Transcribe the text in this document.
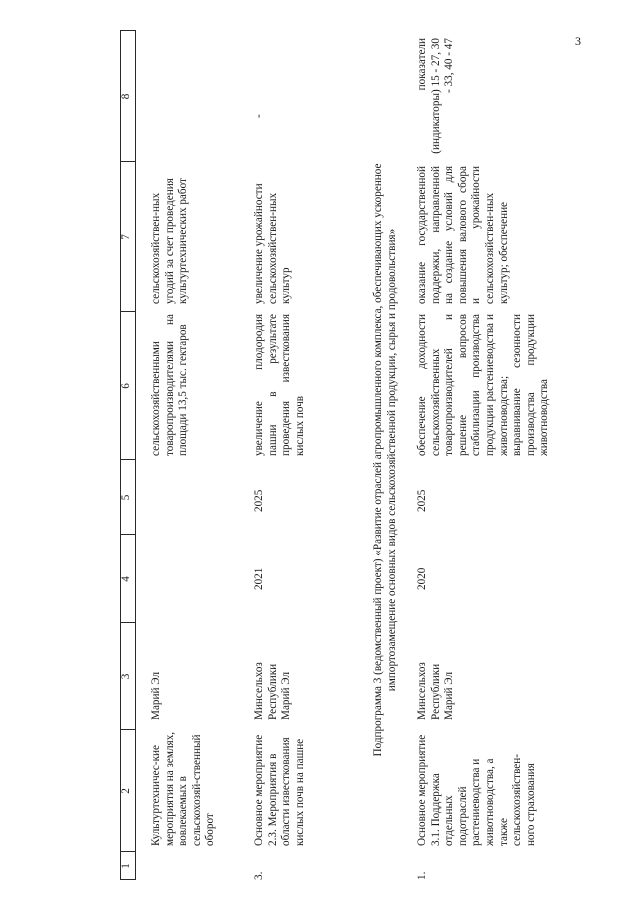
3
1
2
3
4
5
6
7
8
Культуртехничес-кие мероприятия на землях, вовлекаемых в сельскохозяй-ственный оборот
Марий Эл
сельскохозяйственными товаропроизводителями на площади 13,5 тыс. гектаров
сельскохозяйствен-ных угодий за счет проведения культуртехнических работ
3.
Основное мероприятие 2.3. Мероприятия в области известкования кислых почв на пашне
Минсельхоз Республики Марий Эл
2021
2025
увеличение плодородия пашни в результате проведения известкования кислых почв
увеличение урожайности сельскохозяйствен-ных культур
-
Подпрограмма 3 (ведомственный проект) «Развитие отраслей агропромышленного комплекса, обеспечивающих ускоренное импортозамещение основных видов сельскохозяйственной продукции, сырья и продовольствия»
1.
Основное мероприятие 3.1. Поддержка отдельных подотраслей растениеводства и животноводства, а также сельскохозяйствен-ного страхования
Минсельхоз Республики Марий Эл
2020
2025
обеспечение доходности сельскохозяйственных товаропроизводителей и решение вопросов стабилизации производства продукции растениеводства и животноводства; выравнивание сезонности производства продукции животноводства
оказание государственной поддержки, направленной на создание условий для повышения валового сбора и урожайности сельскохозяйствен-ных культур; обеспечение
показатели (индикаторы) 15 - 27, 30 - 33, 40 - 47
